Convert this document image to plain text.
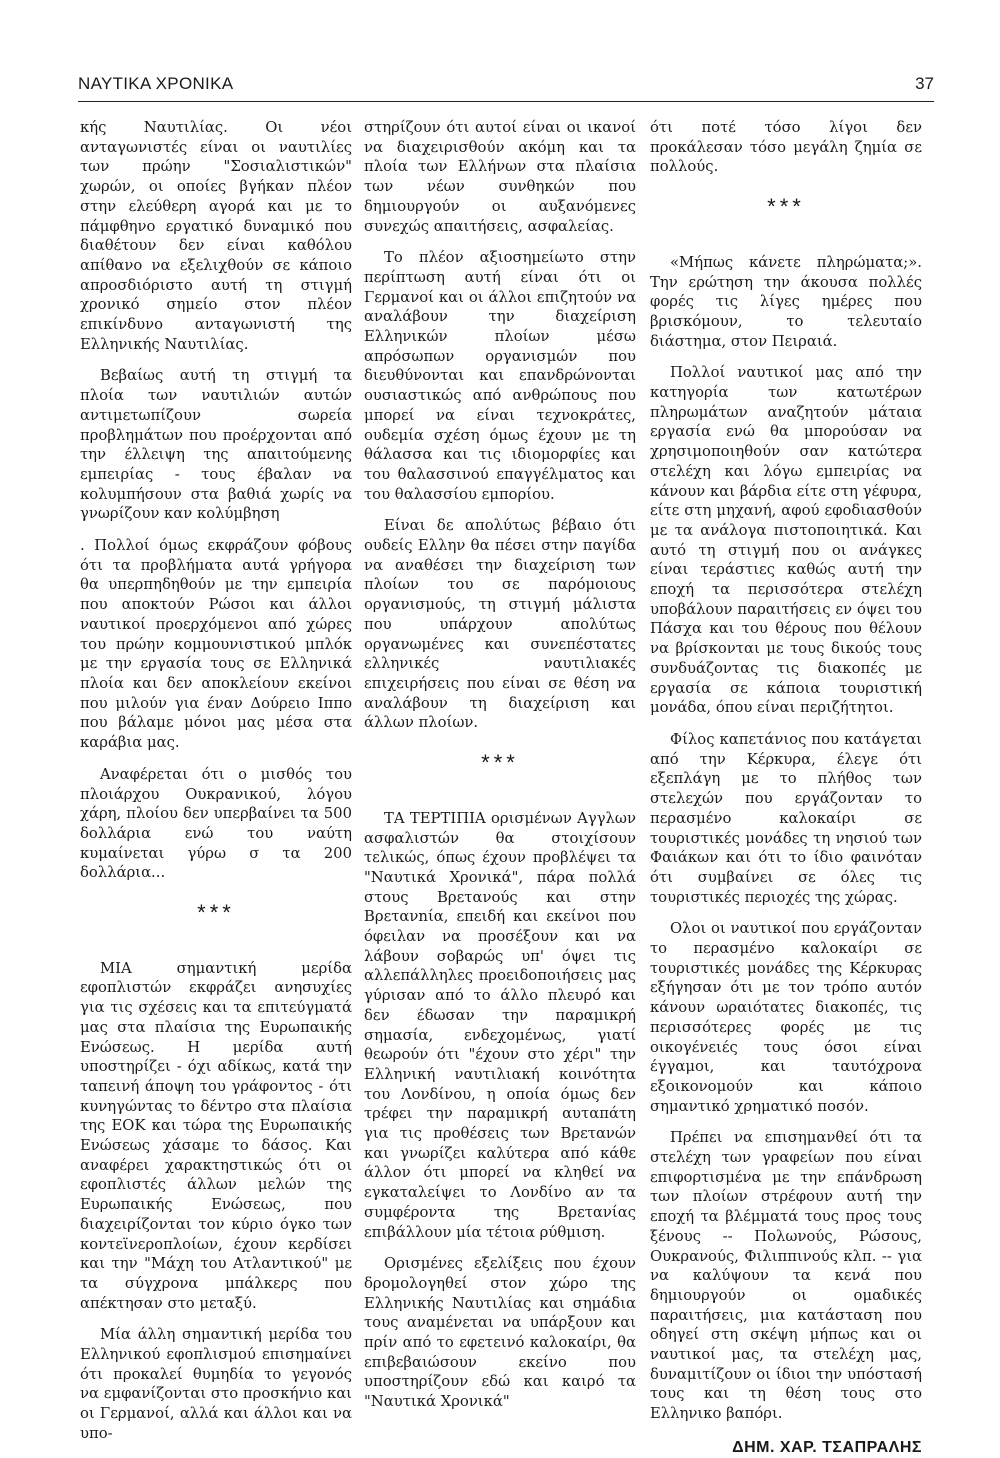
ΝΑΥΤΙΚΑ ΧΡΟΝΙΚΑ	37

κής Ναυτιλίας. Οι νέοι ανταγωνιστές είναι οι ναυτιλίες των πρώην "Σοσιαλιστικών" χωρών, οι οποίες βγήκαν πλέον στην ελεύθερη αγορά και με το πάμφθηνο εργατικό δυναμικό που διαθέτουν δεν είναι καθόλου απίθανο να εξελιχθούν σε κάποιο απροσδιόριστο αυτή τη στιγμή χρονικό σημείο στον πλέον επικίνδυνο ανταγωνιστή της Ελληνικής Ναυτιλίας.

Βεβαίως αυτή τη στιγμή τα πλοία των ναυτιλιών αυτών αντιμετωπίζουν σωρεία προβλημάτων που προέρχονται από την έλλειψη της απαιτούμενης εμπειρίας - τους έβαλαν να κολυμπήσουν στα βαθιά χωρίς να γνωρίζουν καν κολύμβηση

. Πολλοί όμως εκφράζουν φόβους ότι τα προβλήματα αυτά γρήγορα θα υπερπηδηθούν με την εμπειρία που αποκτούν Ρώσοι και άλλοι ναυτικοί προερχόμενοι από χώρες του πρώην κομμουνιστικού μπλόκ με την εργασία τους σε Ελληνικά πλοία και δεν αποκλείουν εκείνοι που μιλούν για έναν Δούρειο Ιππο που βάλαμε μόνοι μας μέσα στα καράβια μας.

Αναφέρεται ότι ο μισθός του πλοιάρχου Ουκρανικού, λόγου χάρη, πλοίου δεν υπερβαίνει τα 500 δολλάρια ενώ του ναύτη κυμαίνεται γύρω σ τα 200 δολλάρια...

***

ΜΙΑ σημαντική μερίδα εφοπλιστών εκφράζει ανησυχίες για τις σχέσεις και τα επιτεύγματά μας στα πλαίσια της Ευρωπαικής Ενώσεως. Η μερίδα αυτή υποστηρίζει - όχι αδίκως, κατά την ταπεινή άποψη του γράφοντος - ότι κυνηγώντας το δέντρο στα πλαίσια της ΕΟΚ και τώρα της Ευρωπαικής Ενώσεως χάσαμε το δάσος. Και αναφέρει χαρακτηστικώς ότι οι εφοπλιστές άλλων μελών της Ευρωπαικής Ενώσεως, που διαχειρίζονται τον κύριο όγκο των κοντεϊνεροπλοίων, έχουν κερδίσει και την "Μάχη του Ατλαντικού" με τα σύγχρονα μπάλκερς που απέκτησαν στο μεταξύ.

Μία άλλη σημαντική μερίδα του Ελληνικού εφοπλισμού επισημαίνει ότι προκαλεί θυμηδία το γεγονός να εμφανίζονται στο προσκήνιο και οι Γερμανοί, αλλά και άλλοι και να υπο-

στηρίζουν ότι αυτοί είναι οι ικανοί να διαχειρισθούν ακόμη και τα πλοία των Ελλήνων στα πλαίσια των νέων συνθηκών που δημιουργούν οι αυξανόμενες συνεχώς απαιτήσεις, ασφαλείας.

Το πλέον αξιοσημείωτο στην περίπτωση αυτή είναι ότι οι Γερμανοί και οι άλλοι επιζητούν να αναλάβουν την διαχείριση Ελληνικών πλοίων μέσω απρόσωπων οργανισμών που διευθύνονται και επανδρώνονται ουσιαστικώς από ανθρώπους που μπορεί να είναι τεχνοκράτες, ουδεμία σχέση όμως έχουν με τη θάλασσα και τις ιδιομορφίες και του θαλασσινού επαγγέλματος και του θαλασσίου εμπορίου.

Είναι δε απολύτως βέβαιο ότι ουδείς Ελλην θα πέσει στην παγίδα να αναθέσει την διαχείριση των πλοίων του σε παρόμοιους οργανισμούς, τη στιγμή μάλιστα που υπάρχουν απολύτως οργανωμένες και συνεπέστατες ελληνικές ναυτιλιακές επιχειρήσεις που είναι σε θέση να αναλάβουν τη διαχείριση και άλλων πλοίων.

***

ΤΑ ΤΕΡΤΙΠΙΑ ορισμένων Αγγλων ασφαλιστών θα στοιχίσουν τελικώς, όπως έχουν προβλέψει τα "Ναυτικά Χρονικά", πάρα πολλά στους Βρετανούς και στην Βρετανnία, επειδή και εκείνοι που όφειλαν να προσέξουν και να λάβουν σοβαρώς υπ' όψει τις αλλεπάλληλες προειδοποιήσεις μας γύρισαν από το άλλο πλευρό και δεν έδωσαν την παραμικρή σημασία, ενδεχομένως, γιατί θεωρούν ότι "έχουν στο χέρι" την Ελληνική ναυτιλιακή κοινότητα του Λονδίνου, η οποία όμως δεν τρέφει την παραμικρή αυταπάτη για τις προθέσεις των Βρετανών και γνωρίζει καλύτερα από κάθε άλλον ότι μπορεί να κληθεί να εγκαταλείψει το Λονδίνο αν τα συμφέροντα της Βρετανίας επιβάλλουν μία τέτοια ρύθμιση.

Ορισμένες εξελίξεις που έχουν δρομολογηθεί στον χώρο της Ελληνικής Ναυτιλίας και σημάδια τους αναμένεται να υπάρξουν και πρίν από το εφετεινό καλοκαίρι, θα επιβεβαιώσουν εκείνο που υποστηρίζουν εδώ και καιρό τα "Ναυτικά Χρονικά"

ότι ποτέ τόσο λίγοι δεν προκάλεσαν τόσο μεγάλη ζημία σε πολλούς.

***

«Μήπως κάνετε πληρώματα;». Την ερώτηση την άκουσα πολλές φορές τις λίγες ημέρες που βρισκόμουν, το τελευταίο διάστημα, στον Πειραιά.

Πολλοί ναυτικοί μας από την κατηγορία των κατωτέρων πληρωμάτων αναζητούν μάταια εργασία ενώ θα μπορούσαν να χρησιμοποιηθούν σαν κατώτερα στελέχη και λόγω εμπειρίας να κάνουν και βάρδια είτε στη γέφυρα, είτε στη μηχανή, αφού εφοδιασθούν με τα ανάλογα πιστοποιητικά. Και αυτό τη στιγμή που οι ανάγκες είναι τεράστιες καθώς αυτή την εποχή τα περισσότερα στελέχη υποβάλουν παραιτήσεις εν όψει του Πάσχα και του θέρους που θέλουν να βρίσκονται με τους δικούς τους συνδυάζοντας τις διακοπές με εργασία σε κάποια τουριστική μονάδα, όπου είναι περιζήτητοι.

Φίλος καπετάνιος που κατάγεται από την Κέρκυρα, έλεγε ότι εξεπλάγη με το πλήθος των στελεχών που εργάζονταν το περασμένο καλοκαίρι σε τουριστικές μονάδες τη νησιού των Φαιάκων και ότι το ίδιο φαινόταν ότι συμβαίνει σε όλες τις τουριστικές περιοχές της χώρας.

Ολοι οι ναυτικοί που εργάζονταν το περασμένο καλοκαίρι σε τουριστικές μονάδες της Κέρκυρας εξήγησαν ότι με τον τρόπο αυτόν κάνουν ωραιότατες διακοπές, τις περισσότερες φορές με τις οικογένειές τους όσοι είναι έγγαμοι, και ταυτόχρονα εξοικονομούν και κάποιο σημαντικό χρηματικό ποσόν.

Πρέπει να επισημανθεί ότι τα στελέχη των γραφείων που είναι επιφορτισμένα με την επάνδρωση των πλοίων στρέφουν αυτή την εποχή τα βλέμματά τους προς τους ξένους -- Πολωνούς, Ρώσους, Ουκρανούς, Φιλιππινούς κλπ. -- για να καλύψουν τα κενά που δημιουργούν οι ομαδικές παραιτήσεις, μια κατάσταση που οδηγεί στη σκέψη μήπως και οι ναυτικοί μας, τα στελέχη μας, δυναμιτίζουν οι ίδιοι την υπόστασή τους και τη θέση τους στο Ελληνικο βαπόρι.

ΔΗΜ. ΧΑΡ. ΤΣΑΠΡΑΛΗΣ
